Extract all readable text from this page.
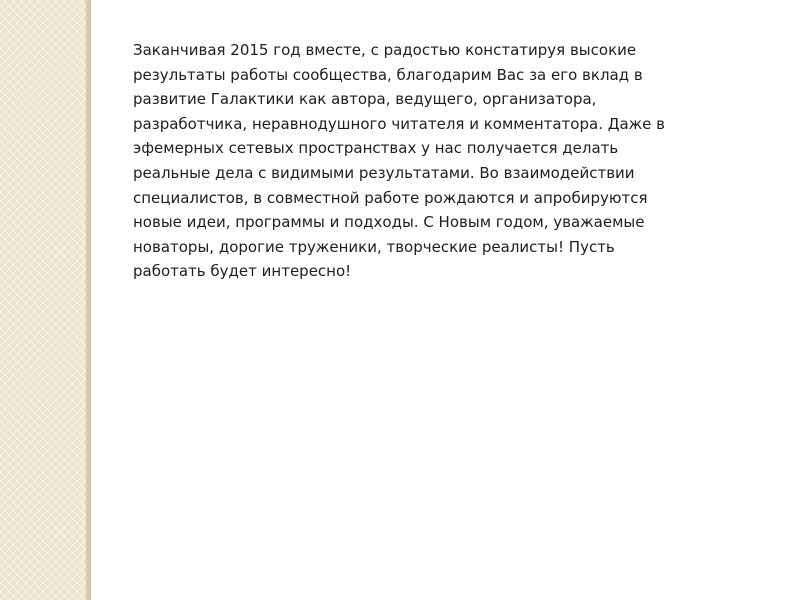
Заканчивая 2015 год вместе, с радостью констатируя высокие
результаты работы сообщества, благодарим Вас за его вклад в
развитие Галактики как автора, ведущего, организатора,
разработчика, неравнодушного читателя и комментатора. Даже в
эфемерных сетевых пространствах у нас получается делать
реальные дела с видимыми результатами. Во взаимодействии
специалистов, в совместной работе рождаются и апробируются
новые идеи, программы и подходы. С Новым годом, уважаемые
новаторы, дорогие труженики, творческие реалисты! Пусть
работать будет интересно!
